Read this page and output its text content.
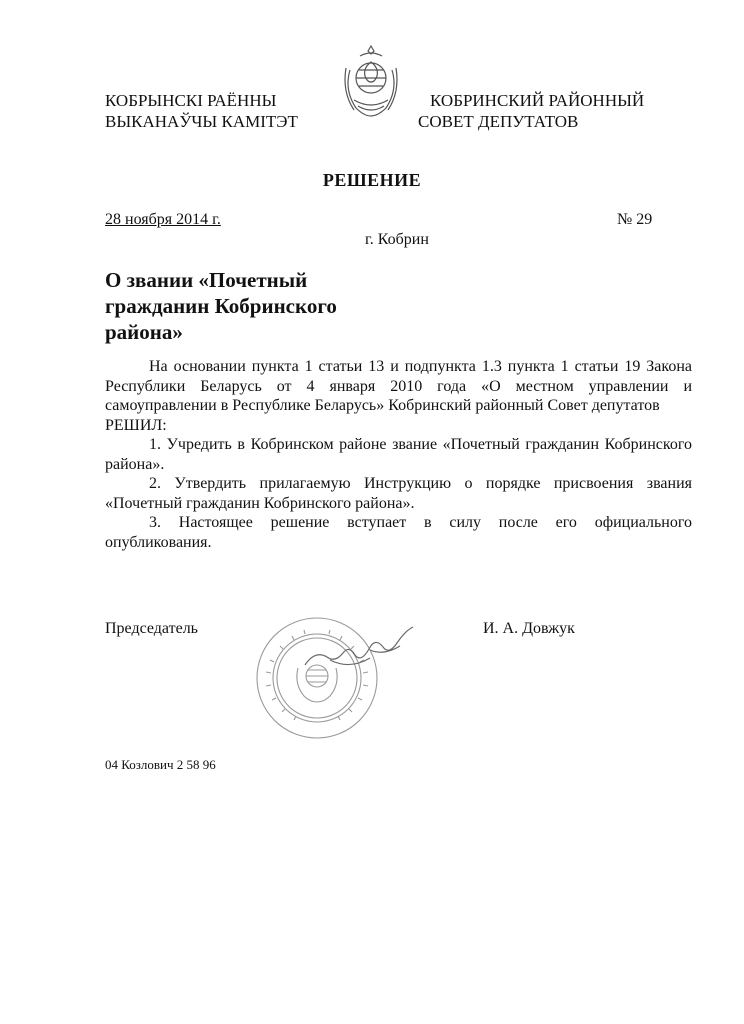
КОБРЫНСКІ РАЁННЫ
ВЫКАНАЎЧЫ КАМІТЭТ
КОБРИНСКИЙ РАЙОННЫЙ
СОВЕТ ДЕПУТАТОВ
РЕШЕНИЕ
28 ноября 2014 г.	№ 29
г. Кобрин
О звании «Почетный гражданин Кобринского района»

На основании пункта 1 статьи 13 и подпункта 1.3 пункта 1 статьи 19 Закона Республики Беларусь от 4 января 2010 года «О местном управлении и самоуправлении в Республике Беларусь» Кобринский районный Совет депутатов

РЕШИЛ:

1. Учредить в Кобринском районе звание «Почетный гражданин Кобринского района».

2. Утвердить прилагаемую Инструкцию о порядке присвоения звания «Почетный гражданин Кобринского района».

3. Настоящее решение вступает в силу после его официального опубликования.

Председатель	И. А. Довжук
04 Козлович 2 58 96
